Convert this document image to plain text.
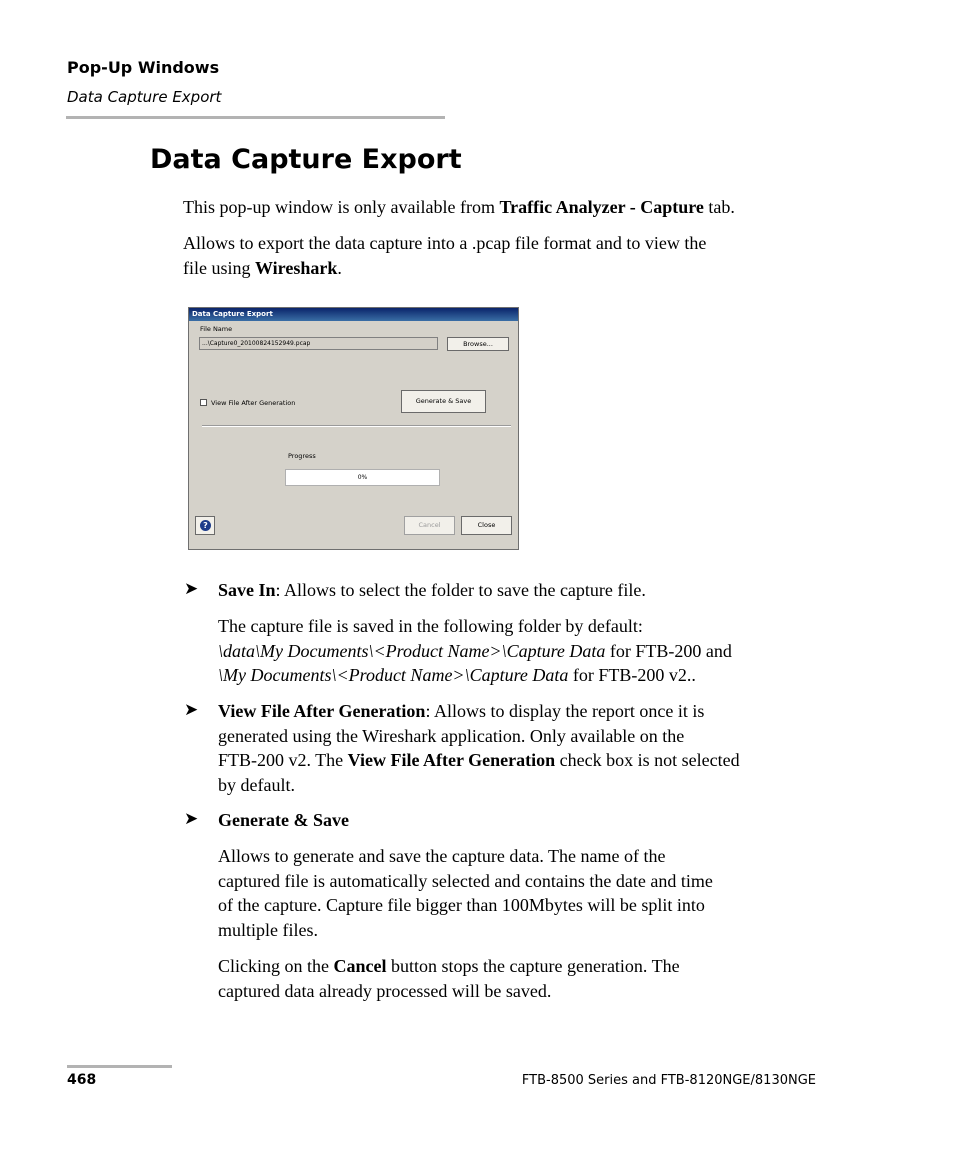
Pop-Up Windows
Data Capture Export
Data Capture Export
This pop-up window is only available from Traffic Analyzer - Capture tab.
Allows to export the data capture into a .pcap file format and to view the
file using Wireshark.
Data Capture Export
File Name
...\Capture0_20100824152949.pcap	Browse...
View File After Generation	Generate & Save
Progress
0%
?	Cancel	Close
➤ Save In: Allows to select the folder to save the capture file.
The capture file is saved in the following folder by default:
\data\My Documents\<Product Name>\Capture Data for FTB-200 and
\My Documents\<Product Name>\Capture Data for FTB-200 v2..
➤ View File After Generation: Allows to display the report once it is
generated using the Wireshark application. Only available on the
FTB-200 v2. The View File After Generation check box is not selected
by default.
➤ Generate & Save
Allows to generate and save the capture data. The name of the
captured file is automatically selected and contains the date and time
of the capture. Capture file bigger than 100Mbytes will be split into
multiple files.
Clicking on the Cancel button stops the capture generation. The
captured data already processed will be saved.
468	FTB-8500 Series and FTB-8120NGE/8130NGE
